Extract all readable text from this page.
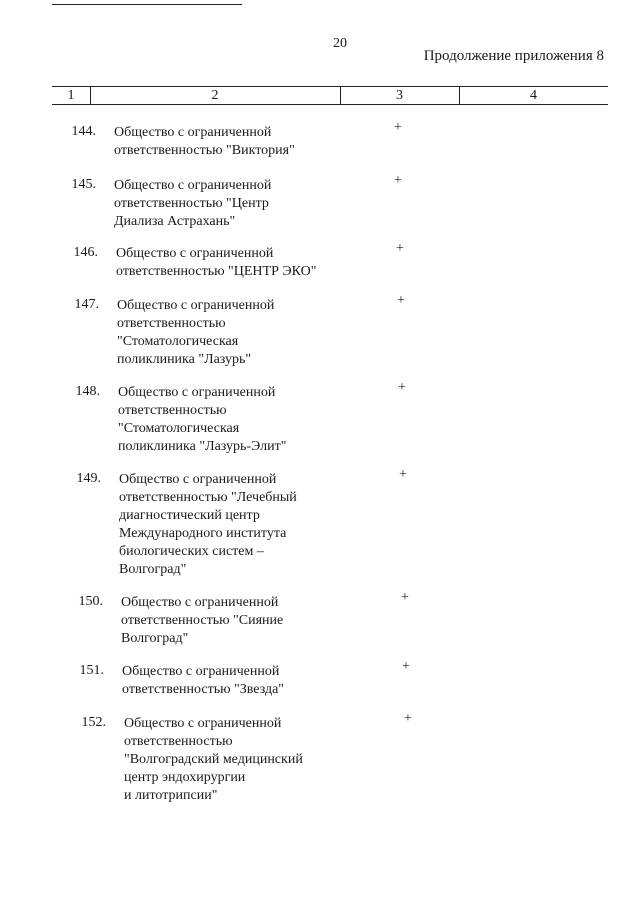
20
Продолжение приложения 8
1	2	3	4
144. Общество с ограниченной
ответственностью "Виктория"
+
145. Общество с ограниченной
ответственностью "Центр
Диализа Астрахань"
+
146. Общество с ограниченной
ответственностью "ЦЕНТР ЭКО"
+
147. Общество с ограниченной
ответственностью
"Стоматологическая
поликлиника "Лазурь"
+
148. Общество с ограниченной
ответственностью
"Стоматологическая
поликлиника "Лазурь-Элит"
+
149. Общество с ограниченной
ответственностью "Лечебный
диагностический центр
Международного института
биологических систем –
Волгоград"
+
150. Общество с ограниченной
ответственностью "Сияние
Волгоград"
+
151. Общество с ограниченной
ответственностью "Звезда"
+
152. Общество с ограниченной
ответственностью
"Волгоградский медицинский
центр эндохирургии
и литотрипсии"
+
